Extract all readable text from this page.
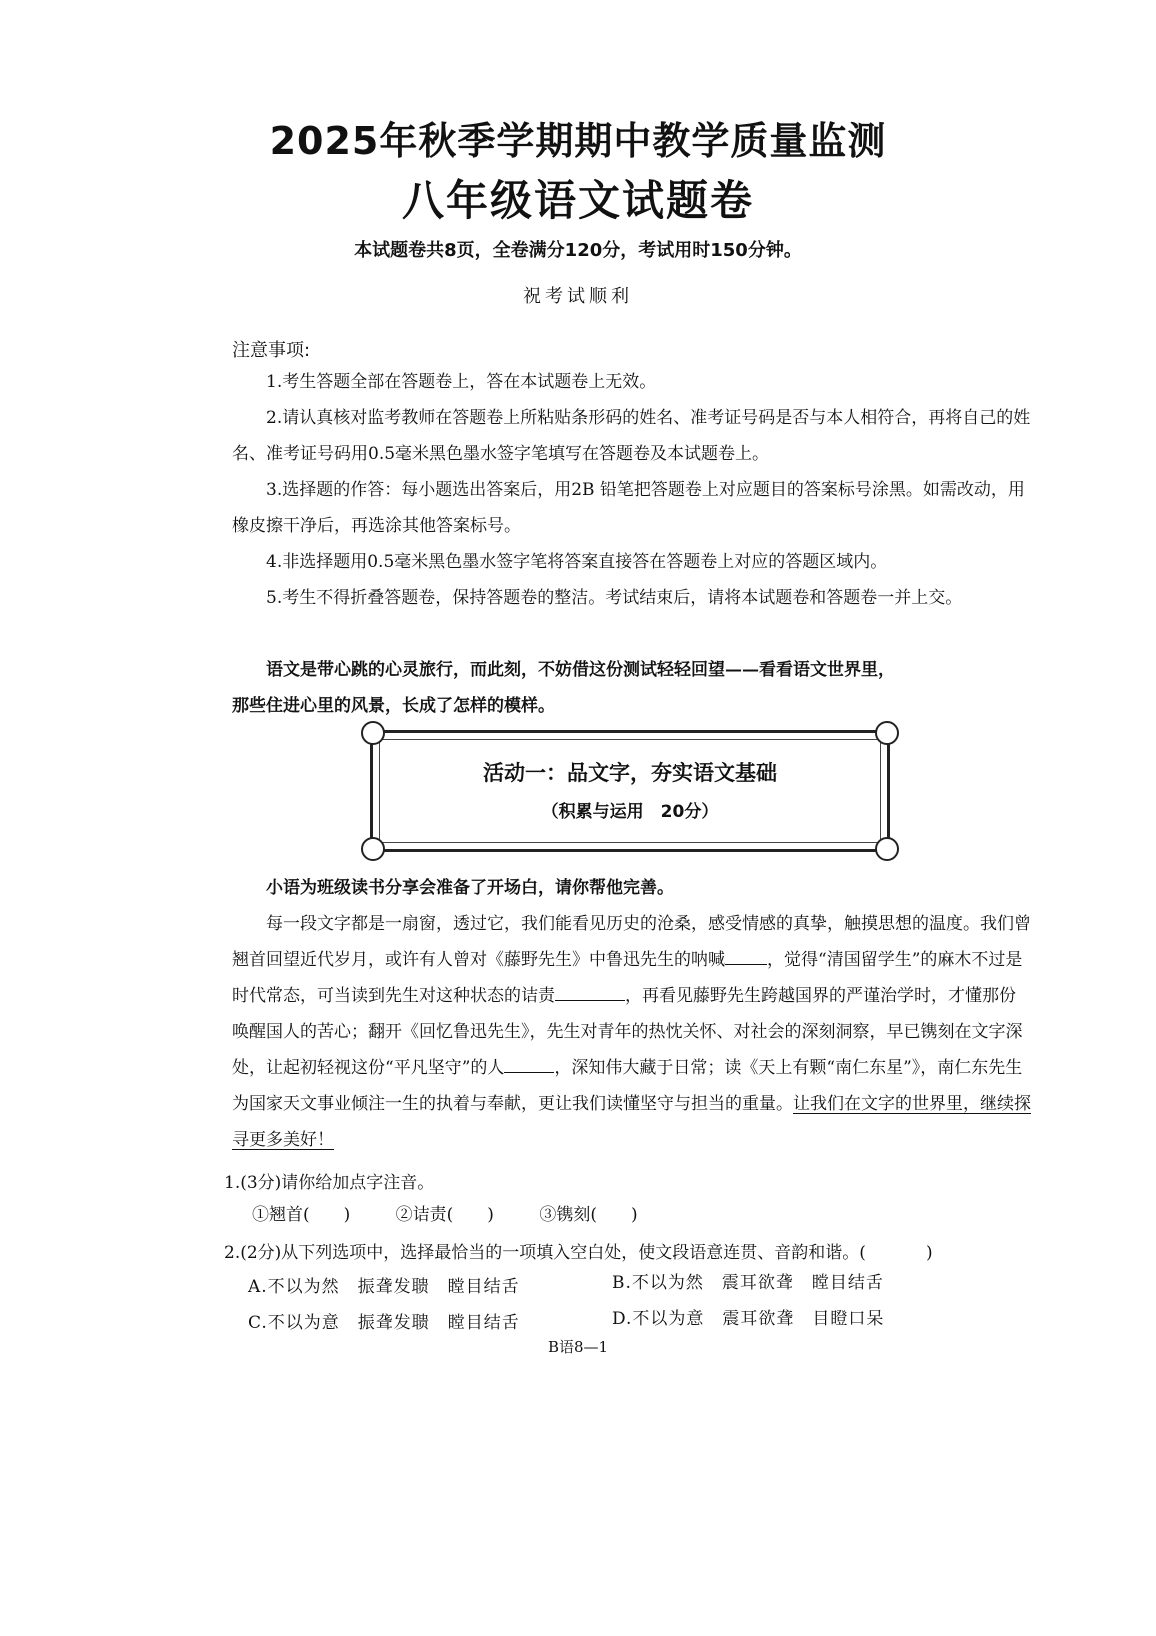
2025年秋季学期期中教学质量监测
八年级语文试题卷
本试题卷共8页，全卷满分120分，考试用时150分钟。
祝考试顺利
注意事项:

1.考生答题全部在答题卷上，答在本试题卷上无效。

2.请认真核对监考教师在答题卷上所粘贴条形码的姓名、准考证号码是否与本人相符合，再将自己的姓名、准考证号码用0.5毫米黑色墨水签字笔填写在答题卷及本试题卷上。

3.选择题的作答：每小题选出答案后，用2B 铅笔把答题卷上对应题目的答案标号涂黑。如需改动，用橡皮擦干净后，再选涂其他答案标号。

4.非选择题用0.5毫米黑色墨水签字笔将答案直接答在答题卷上对应的答题区域内。

5.考生不得折叠答题卷，保持答题卷的整洁。考试结束后，请将本试题卷和答题卷一并上交。

语文是带心跳的心灵旅行，而此刻，不妨借这份测试轻轻回望——看看语文世界里，

那些住进心里的风景，长成了怎样的模样。

活动一：品文字，夯实语文基础
（积累与运用　20分）

小语为班级读书分享会准备了开场白，请你帮他完善。

每一段文字都是一扇窗，透过它，我们能看见历史的沧桑，感受情感的真挚，触摸思想的温度。我们曾翘首回望近代岁月，或许有人曾对《藤野先生》中鲁迅先生的呐喊 ，觉得“清国留学生”的麻木不过是时代常态，可当读到先生对这种状态的诘责	，再看见藤野先生跨越国界的严谨治学时，才懂那份唤醒国人的苦心；翻开《回忆鲁迅先生》，先生对青年的热忱关怀、对社会的深刻洞察，早已镌刻在文字深处，让起初轻视这份“平凡坚守”的人	，深知伟大藏于日常；读《天上有颗“南仁东星”》，南仁东先生为国家天文事业倾注一生的执着与奉献，更让我们读懂坚守与担当的重量。让我们在文字的世界里，继续探寻更多美好！

1.(3分)请你给加点字注音。
①翘首(　　)	②诘责(　　)	③镌刻(　　)
2.(2分)从下列选项中，选择最恰当的一项填入空白处，使文段语意连贯、音韵和谐。(	)
A.不以为然　振聋发聩　瞠目结舌	B.不以为然　震耳欲聋　瞠目结舌
C.不以为意　振聋发聩　瞠目结舌	D.不以为意　震耳欲聋　目瞪口呆
B语8—1
